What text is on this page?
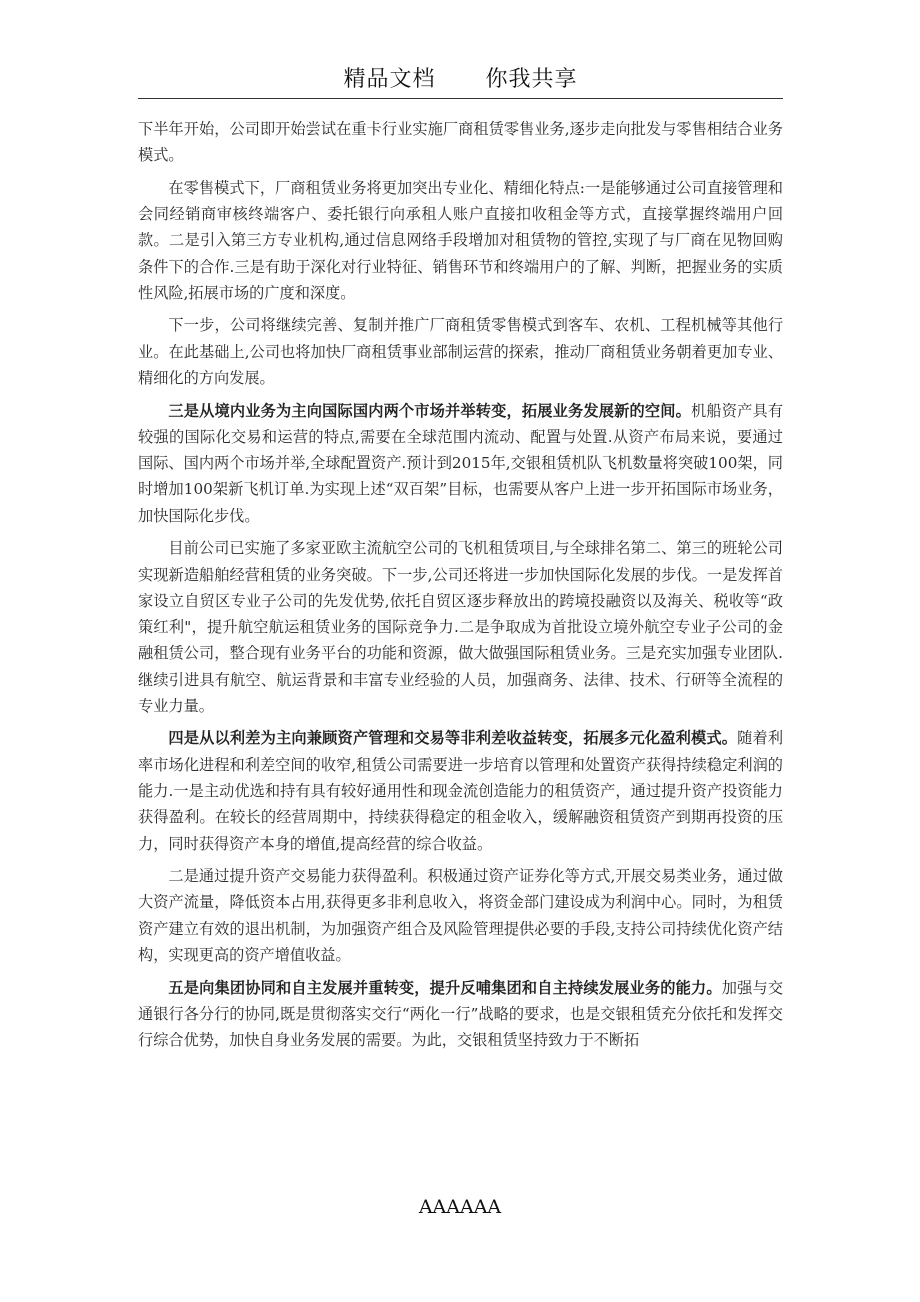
精品文档 你我共享

下半年开始，公司即开始尝试在重卡行业实施厂商租赁零售业务,逐步走向批发与零售相结合业务模式。

在零售模式下，厂商租赁业务将更加突出专业化、精细化特点:一是能够通过公司直接管理和会同经销商审核终端客户、委托银行向承租人账户直接扣收租金等方式，直接掌握终端用户回款。二是引入第三方专业机构,通过信息网络手段增加对租赁物的管控,实现了与厂商在见物回购条件下的合作.三是有助于深化对行业特征、销售环节和终端用户的了解、判断，把握业务的实质性风险,拓展市场的广度和深度。

下一步，公司将继续完善、复制并推广厂商租赁零售模式到客车、农机、工程机械等其他行业。在此基础上,公司也将加快厂商租赁事业部制运营的探索，推动厂商租赁业务朝着更加专业、精细化的方向发展。

三是从境内业务为主向国际国内两个市场并举转变，拓展业务发展新的空间。机船资产具有较强的国际化交易和运营的特点,需要在全球范围内流动、配置与处置.从资产布局来说，要通过国际、国内两个市场并举,全球配置资产.预计到2015年,交银租赁机队飞机数量将突破100架，同时增加100架新飞机订单.为实现上述“双百架”目标，也需要从客户上进一步开拓国际市场业务，加快国际化步伐。

目前公司已实施了多家亚欧主流航空公司的飞机租赁项目,与全球排名第二、第三的班轮公司实现新造船舶经营租赁的业务突破。下一步,公司还将进一步加快国际化发展的步伐。一是发挥首家设立自贸区专业子公司的先发优势,依托自贸区逐步释放出的跨境投融资以及海关、税收等“政策红利"，提升航空航运租赁业务的国际竞争力.二是争取成为首批设立境外航空专业子公司的金融租赁公司，整合现有业务平台的功能和资源，做大做强国际租赁业务。三是充实加强专业团队.继续引进具有航空、航运背景和丰富专业经验的人员，加强商务、法律、技术、行研等全流程的专业力量。

四是从以利差为主向兼顾资产管理和交易等非利差收益转变，拓展多元化盈利模式。随着利率市场化进程和利差空间的收窄,租赁公司需要进一步培育以管理和处置资产获得持续稳定利润的能力.一是主动优选和持有具有较好通用性和现金流创造能力的租赁资产，通过提升资产投资能力获得盈利。在较长的经营周期中，持续获得稳定的租金收入，缓解融资租赁资产到期再投资的压力，同时获得资产本身的增值,提高经营的综合收益。

二是通过提升资产交易能力获得盈利。积极通过资产证券化等方式,开展交易类业务，通过做大资产流量，降低资本占用,获得更多非利息收入，将资金部门建设成为利润中心。同时，为租赁资产建立有效的退出机制，为加强资产组合及风险管理提供必要的手段,支持公司持续优化资产结构，实现更高的资产增值收益。

五是向集团协同和自主发展并重转变，提升反哺集团和自主持续发展业务的能力。加强与交通银行各分行的协同,既是贯彻落实交行“两化一行”战略的要求，也是交银租赁充分依托和发挥交行综合优势，加快自身业务发展的需要。为此，交银租赁坚持致力于不断拓

AAAAAA
